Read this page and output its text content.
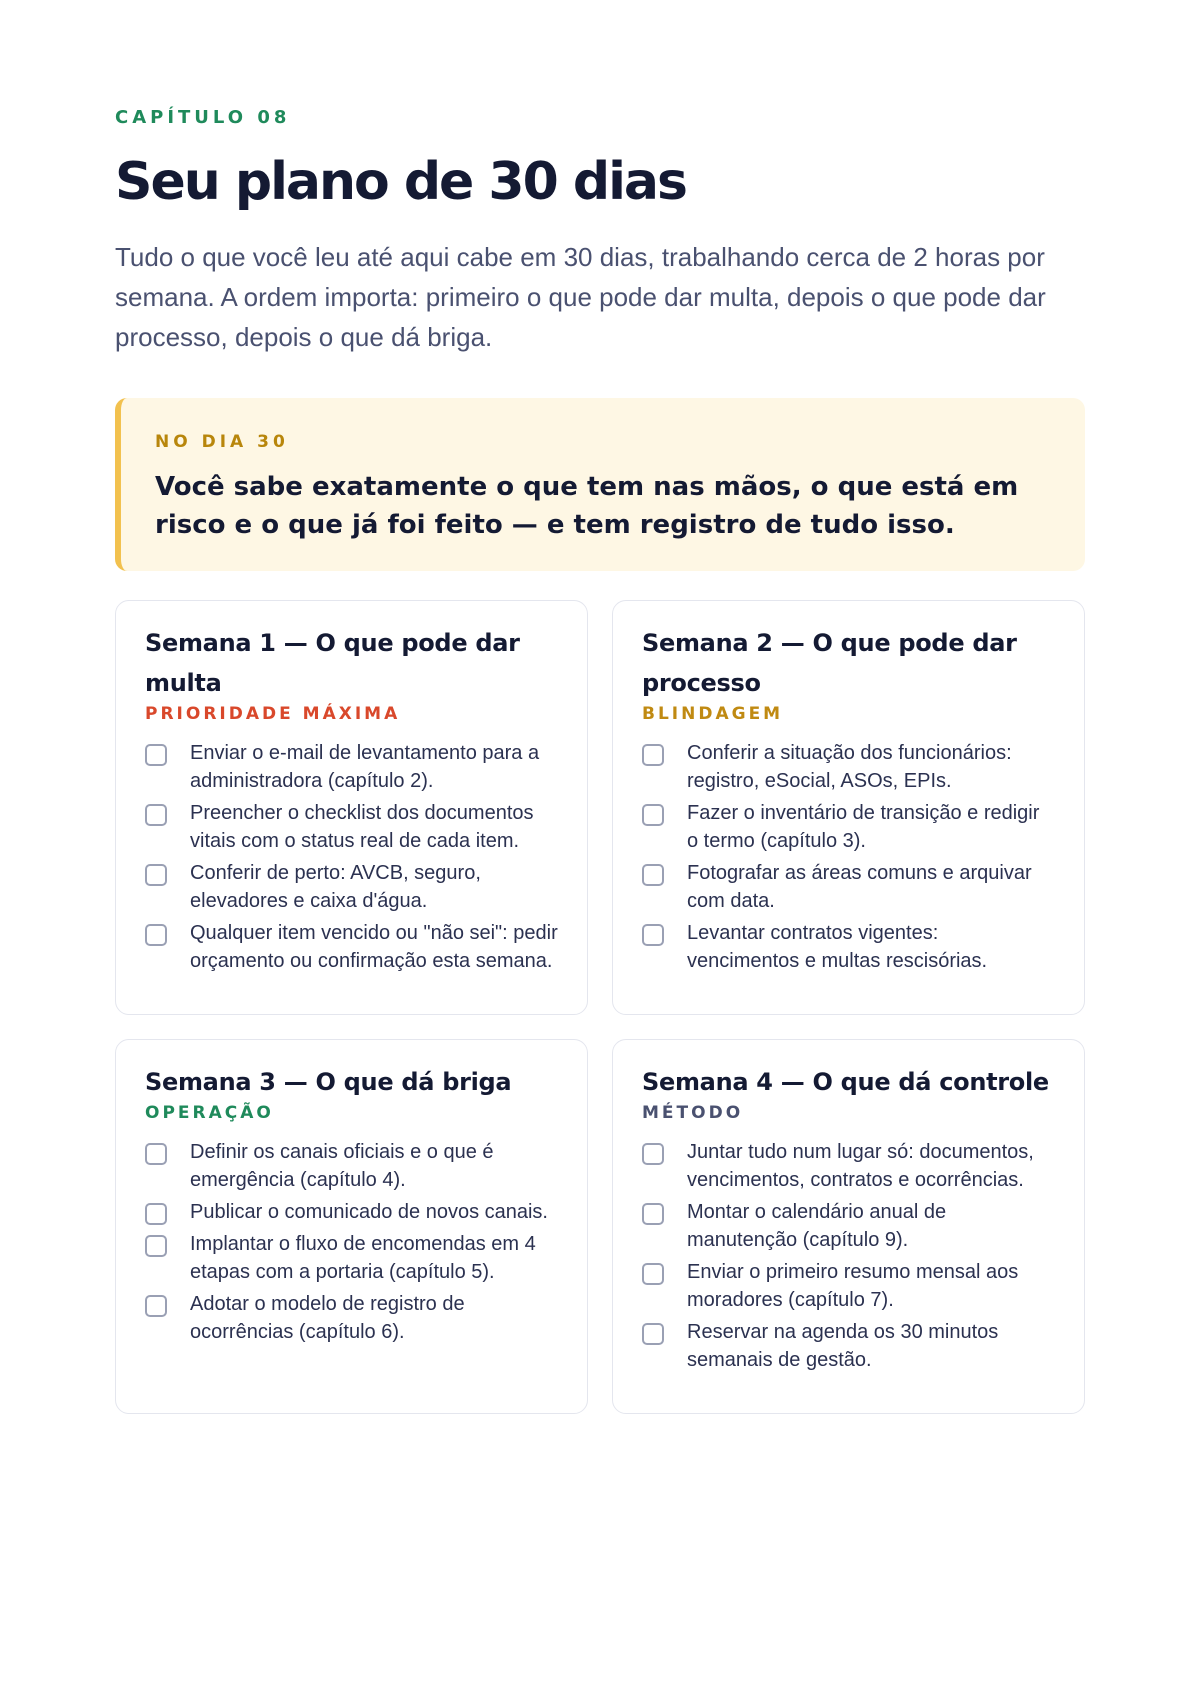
CAPÍTULO 08
Seu plano de 30 dias

Tudo o que você leu até aqui cabe em 30 dias, trabalhando cerca de 2 horas por semana. A ordem importa: primeiro o que pode dar multa, depois o que pode dar processo, depois o que dá briga.

NO DIA 30
Você sabe exatamente o que tem nas mãos, o que está em risco e o que já foi feito — e tem registro de tudo isso.
Semana 1 — O que pode dar multa
PRIORIDADE MÁXIMA
Enviar o e-mail de levantamento para a administradora (capítulo 2).
Preencher o checklist dos documentos vitais com o status real de cada item.
Conferir de perto: AVCB, seguro, elevadores e caixa d'água.
Qualquer item vencido ou "não sei": pedir orçamento ou confirmação esta semana.
Semana 2 — O que pode dar processo
BLINDAGEM
Conferir a situação dos funcionários: registro, eSocial, ASOs, EPIs.
Fazer o inventário de transição e redigir o termo (capítulo 3).
Fotografar as áreas comuns e arquivar com data.
Levantar contratos vigentes: vencimentos e multas rescisórias.
Semana 3 — O que dá briga
OPERAÇÃO
Definir os canais oficiais e o que é emergência (capítulo 4).
Publicar o comunicado de novos canais.
Implantar o fluxo de encomendas em 4 etapas com a portaria (capítulo 5).
Adotar o modelo de registro de ocorrências (capítulo 6).
Semana 4 — O que dá controle
MÉTODO
Juntar tudo num lugar só: documentos, vencimentos, contratos e ocorrências.
Montar o calendário anual de manutenção (capítulo 9).
Enviar o primeiro resumo mensal aos moradores (capítulo 7).
Reservar na agenda os 30 minutos semanais de gestão.
